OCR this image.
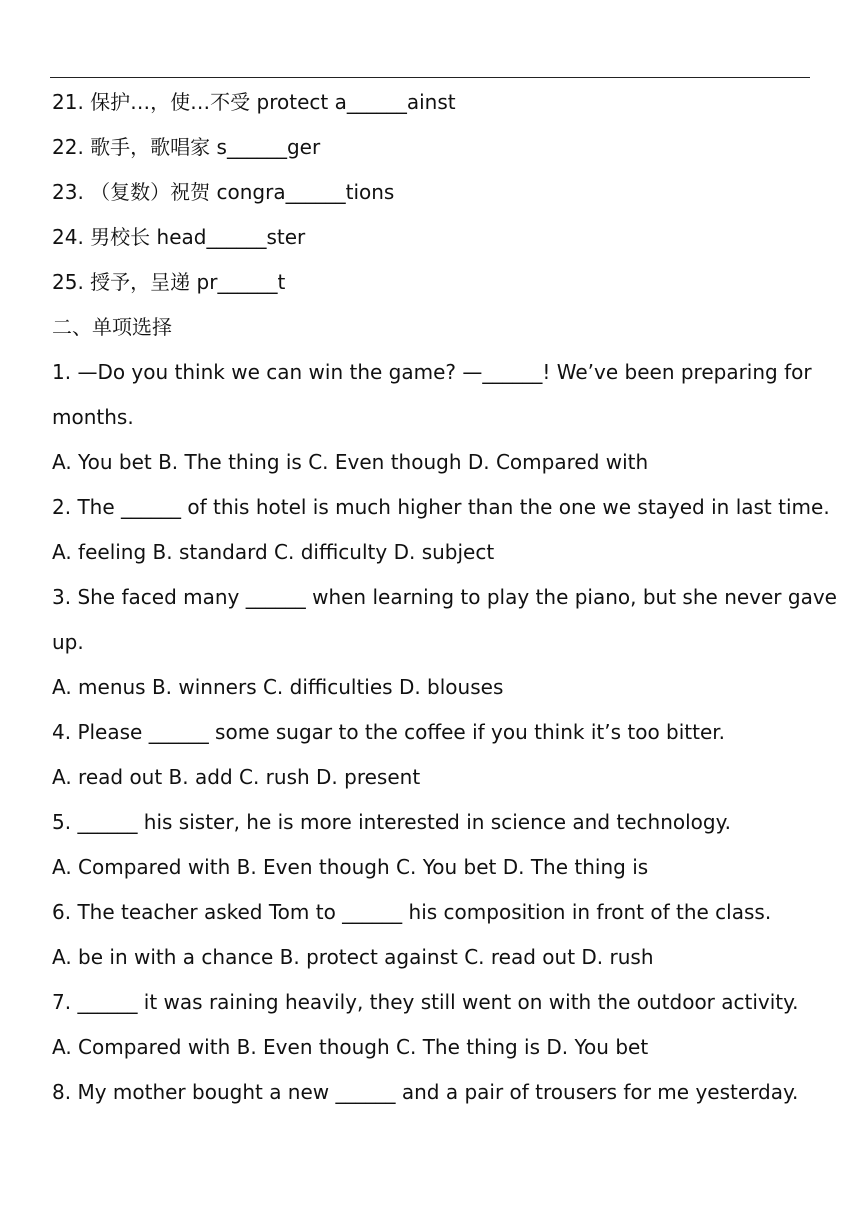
21. 保护…，使…不受 protect a______ainst
22. 歌手，歌唱家 s______ger
23. （复数）祝贺 congra______tions
24. 男校长 head______ster
25. 授予，呈递 pr______t
二、单项选择
1. —Do you think we can win the game? —______! We’ve been preparing for
months.
A. You bet B. The thing is C. Even though D. Compared with
2. The ______ of this hotel is much higher than the one we stayed in last time.
A. feeling B. standard C. difficulty D. subject
3. She faced many ______ when learning to play the piano, but she never gave
up.
A. menus B. winners C. difficulties D. blouses
4. Please ______ some sugar to the coffee if you think it’s too bitter.
A. read out B. add C. rush D. present
5. ______ his sister, he is more interested in science and technology.
A. Compared with B. Even though C. You bet D. The thing is
6. The teacher asked Tom to ______ his composition in front of the class.
A. be in with a chance B. protect against C. read out D. rush
7. ______ it was raining heavily, they still went on with the outdoor activity.
A. Compared with B. Even though C. The thing is D. You bet
8. My mother bought a new ______ and a pair of trousers for me yesterday.
